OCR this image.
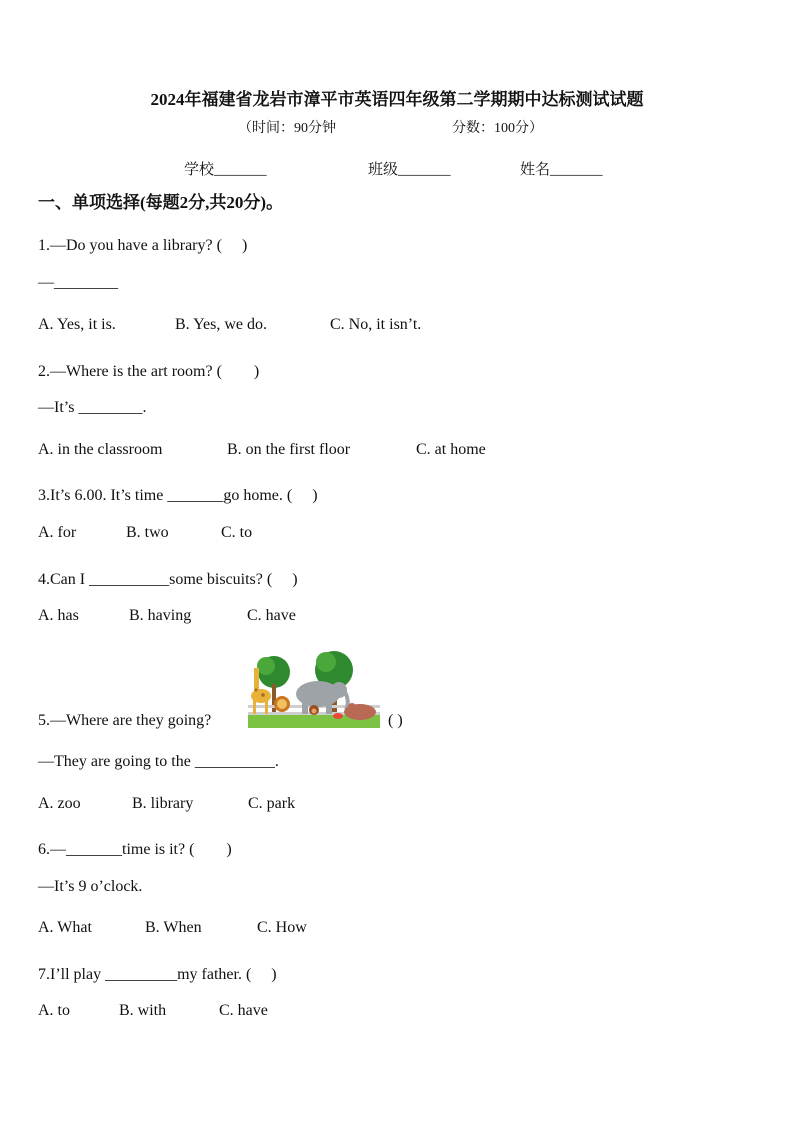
2024年福建省龙岩市漳平市英语四年级第二学期期中达标测试试题
（时间：90分钟	分数：100分）
学校_______	班级_______	姓名_______
一、单项选择(每题2分,共20分)。
1.—Do you have a library? (　 )
—________
A. Yes, it is.	B. Yes, we do.	C. No, it isn’t.
2.—Where is the art room? (　　)
—It’s ________.
A. in the classroom	B. on the first floor	C. at home
3.It’s 6.00. It’s time _______go home. (　 )
A. for	B. two	C. to
4.Can I __________some biscuits? (　 )
A. has	B. having	C. have
5.—Where are they going?	( )
—They are going to the __________.
A. zoo	B. library	C. park
6.—_______time is it? (　　)
—It’s 9 o’clock.
A. What	B. When	C. How
7.I’ll play _________my father. (　 )
A. to	B. with	C. have
